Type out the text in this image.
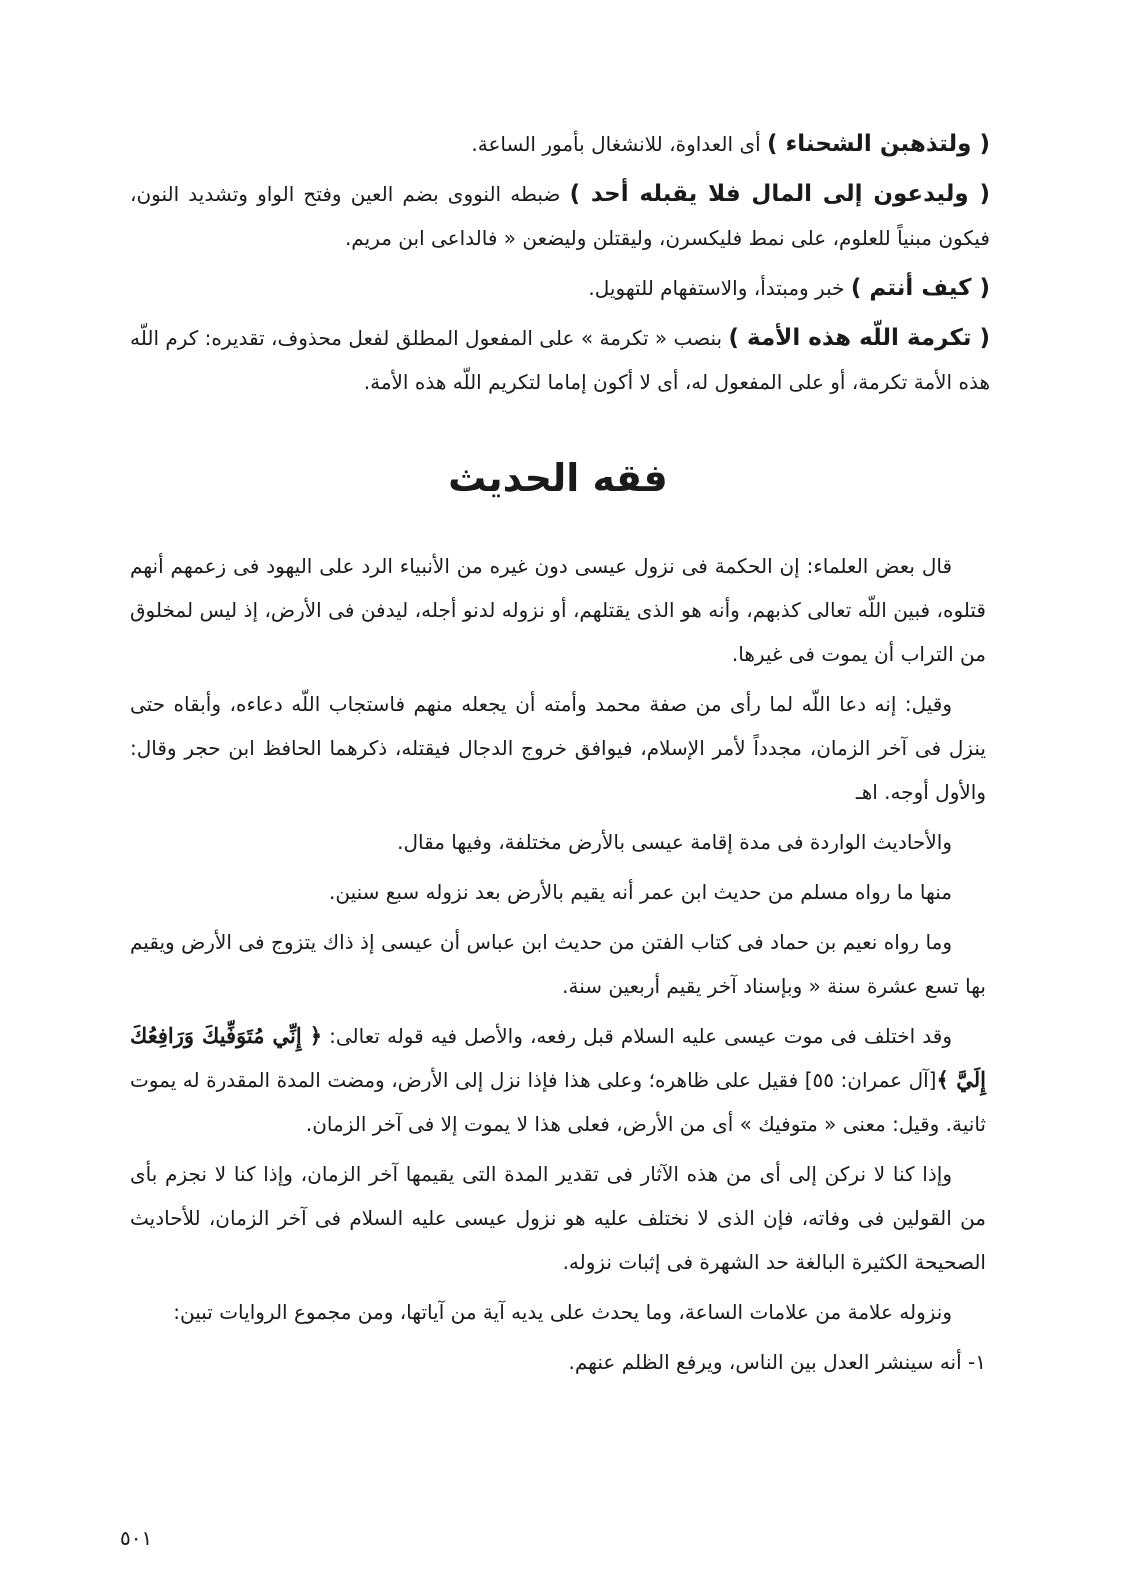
( ولتذهبن الشحناء ) أى العداوة، للانشغال بأمور الساعة.

( وليدعون إلى المال فلا يقبله أحد ) ضبطه النووى بضم العين وفتح الواو وتشديد النون، فيكون مبنياً للعلوم، على نمط فليكسرن، وليقتلن وليضعن « فالداعى ابن مريم.

( كيف أنتم ) خبر ومبتدأ، والاستفهام للتهويل.

( تكرمة اللّه هذه الأمة ) بنصب « تكرمة » على المفعول المطلق لفعل محذوف، تقديره: كرم اللّه هذه الأمة تكرمة، أو على المفعول له، أى لا أكون إماما لتكريم اللّه هذه الأمة.

فقه الحديث

قال بعض العلماء: إن الحكمة فى نزول عيسى دون غيره من الأنبياء الرد على اليهود فى زعمهم أنهم قتلوه، فبين اللّه تعالى كذبهم، وأنه هو الذى يقتلهم، أو نزوله لدنو أجله، ليدفن فى الأرض، إذ ليس لمخلوق من التراب أن يموت فى غيرها.

وقيل: إنه دعا اللّه لما رأى من صفة محمد وأمته أن يجعله منهم فاستجاب اللّه دعاءه، وأبقاه حتى ينزل فى آخر الزمان، مجدداً لأمر الإسلام، فيوافق خروج الدجال فيقتله، ذكرهما الحافظ ابن حجر وقال: والأول أوجه. اهـ

والأحاديث الواردة فى مدة إقامة عيسى بالأرض مختلفة، وفيها مقال.

منها ما رواه مسلم من حديث ابن عمر أنه يقيم بالأرض بعد نزوله سبع سنين.

وما رواه نعيم بن حماد فى كتاب الفتن من حديث ابن عباس أن عيسى إذ ذاك يتزوج فى الأرض ويقيم بها تسع عشرة سنة « وبإسناد آخر يقيم أربعين سنة.

وقد اختلف فى موت عيسى عليه السلام قبل رفعه، والأصل فيه قوله تعالى: ﴿ إِنِّي مُتَوَفِّيكَ وَرَافِعُكَ إِلَيَّ ﴾[آل عمران: ٥٥] فقيل على ظاهره؛ وعلى هذا فإذا نزل إلى الأرض، ومضت المدة المقدرة له يموت ثانية. وقيل: معنى « متوفيك » أى من الأرض، فعلى هذا لا يموت إلا فى آخر الزمان.

وإذا كنا لا نركن إلى أى من هذه الآثار فى تقدير المدة التى يقيمها آخر الزمان، وإذا كنا لا نجزم بأى من القولين فى وفاته، فإن الذى لا نختلف عليه هو نزول عيسى عليه السلام فى آخر الزمان، للأحاديث الصحيحة الكثيرة البالغة حد الشهرة فى إثبات نزوله.

ونزوله علامة من علامات الساعة، وما يحدث على يديه آية من آياتها، ومن مجموع الروايات تبين:

١- أنه سينشر العدل بين الناس، ويرفع الظلم عنهم.

٥٠١
